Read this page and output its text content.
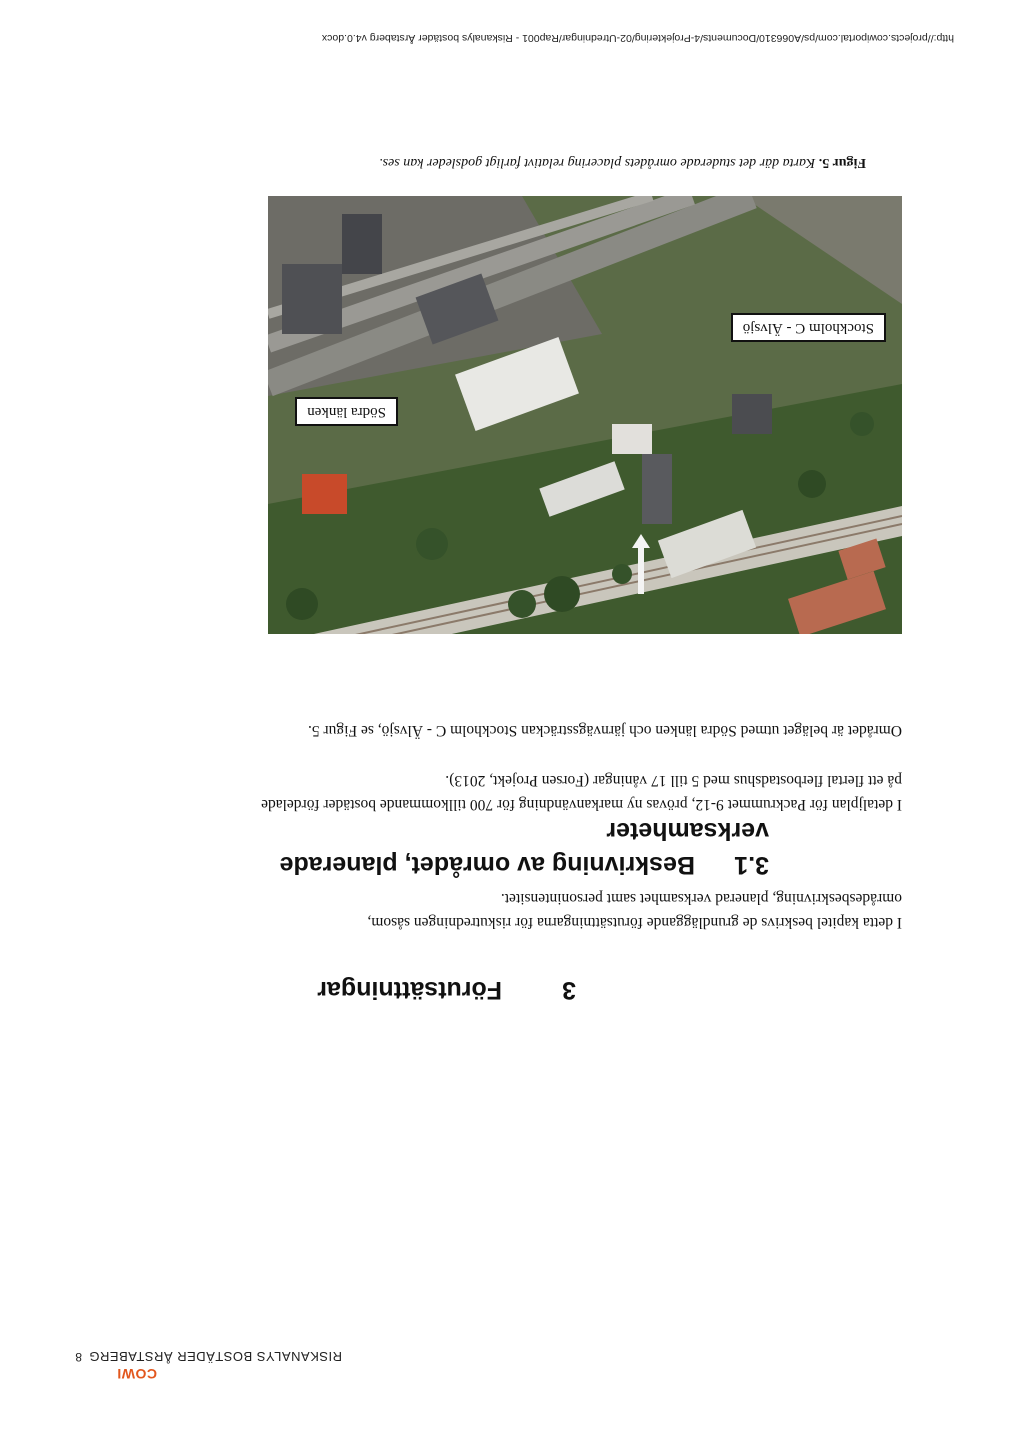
http://projects.cowiportal.com/ps/A066310/Documents/4-Projektering/02-Utredningar/Rap001 - Riskanalys bostäder Årstaberg v4.0.docx
Figur 5. Karta där det studerade områdets placering relativt farligt godsleder kan ses.
Stockholm C - Älvsjö
Södra länken
Området är beläget utmed Södra länken och järnvägssträckan Stockholm C - Älvsjö, se Figur 5.
I detaljplan för Packrummet 9-12, prövas ny markanvändning för 700 tillkommande bostäder fördelade på ett flertal flerbostadshus med 5 till 17 våningar (Forsen Projekt, 2013).
3.1Beskrivning av området, planerade verksamheter
I detta kapitel beskrivs de grundläggande förutsättningarna för riskutredningen såsom, områdesbeskrivning, planerad verksamhet samt personintensitet.
3Förutsättningar
COWI
RISKANALYS BOSTÄDER ÅRSTABERG
8
